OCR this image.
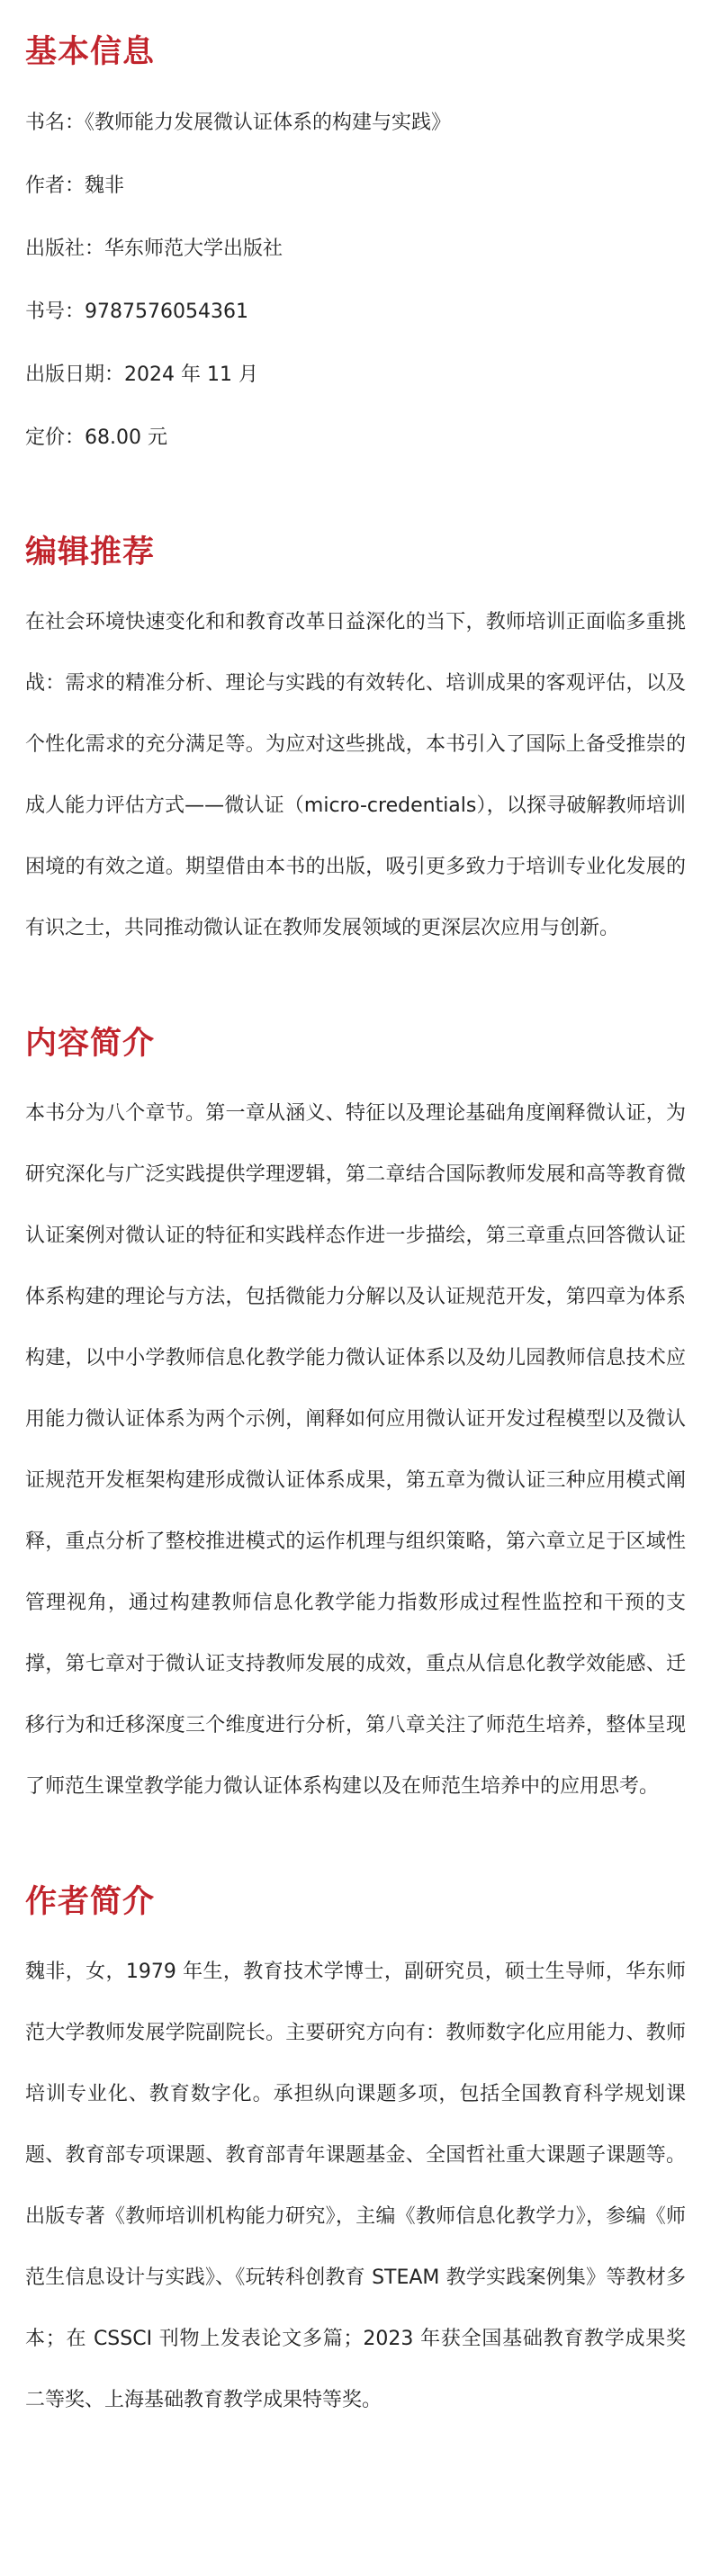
基本信息

书名：《教师能力发展微认证体系的构建与实践》

作者：魏非

出版社：华东师范大学出版社

书号：9787576054361

出版日期：2024 年 11 月

定价：68.00 元

编辑推荐

在社会环境快速变化和和教育改革日益深化的当下，教师培训正面临多重挑战：需求的精准分析、理论与实践的有效转化、培训成果的客观评估，以及个性化需求的充分满足等。为应对这些挑战，本书引入了国际上备受推崇的成人能力评估方式——微认证（micro-credentials），以探寻破解教师培训困境的有效之道。期望借由本书的出版，吸引更多致力于培训专业化发展的有识之士，共同推动微认证在教师发展领域的更深层次应用与创新。

内容简介

本书分为八个章节。第一章从涵义、特征以及理论基础角度阐释微认证，为研究深化与广泛实践提供学理逻辑，第二章结合国际教师发展和高等教育微认证案例对微认证的特征和实践样态作进一步描绘，第三章重点回答微认证体系构建的理论与方法，包括微能力分解以及认证规范开发，第四章为体系构建，以中小学教师信息化教学能力微认证体系以及幼儿园教师信息技术应用能力微认证体系为两个示例，阐释如何应用微认证开发过程模型以及微认证规范开发框架构建形成微认证体系成果，第五章为微认证三种应用模式阐释，重点分析了整校推进模式的运作机理与组织策略，第六章立足于区域性管理视角，通过构建教师信息化教学能力指数形成过程性监控和干预的支撑，第七章对于微认证支持教师发展的成效，重点从信息化教学效能感、迁移行为和迁移深度三个维度进行分析，第八章关注了师范生培养，整体呈现了师范生课堂教学能力微认证体系构建以及在师范生培养中的应用思考。

作者简介

魏非，女，1979 年生，教育技术学博士，副研究员，硕士生导师，华东师范大学教师发展学院副院长。主要研究方向有：教师数字化应用能力、教师培训专业化、教育数字化。承担纵向课题多项，包括全国教育科学规划课题、教育部专项课题、教育部青年课题基金、全国哲社重大课题子课题等。出版专著《教师培训机构能力研究》，主编《教师信息化教学力》，参编《师范生信息设计与实践》、《玩转科创教育 STEAM 教学实践案例集》等教材多本；在 CSSCI 刊物上发表论文多篇；2023 年获全国基础教育教学成果奖二等奖、上海基础教育教学成果特等奖。
